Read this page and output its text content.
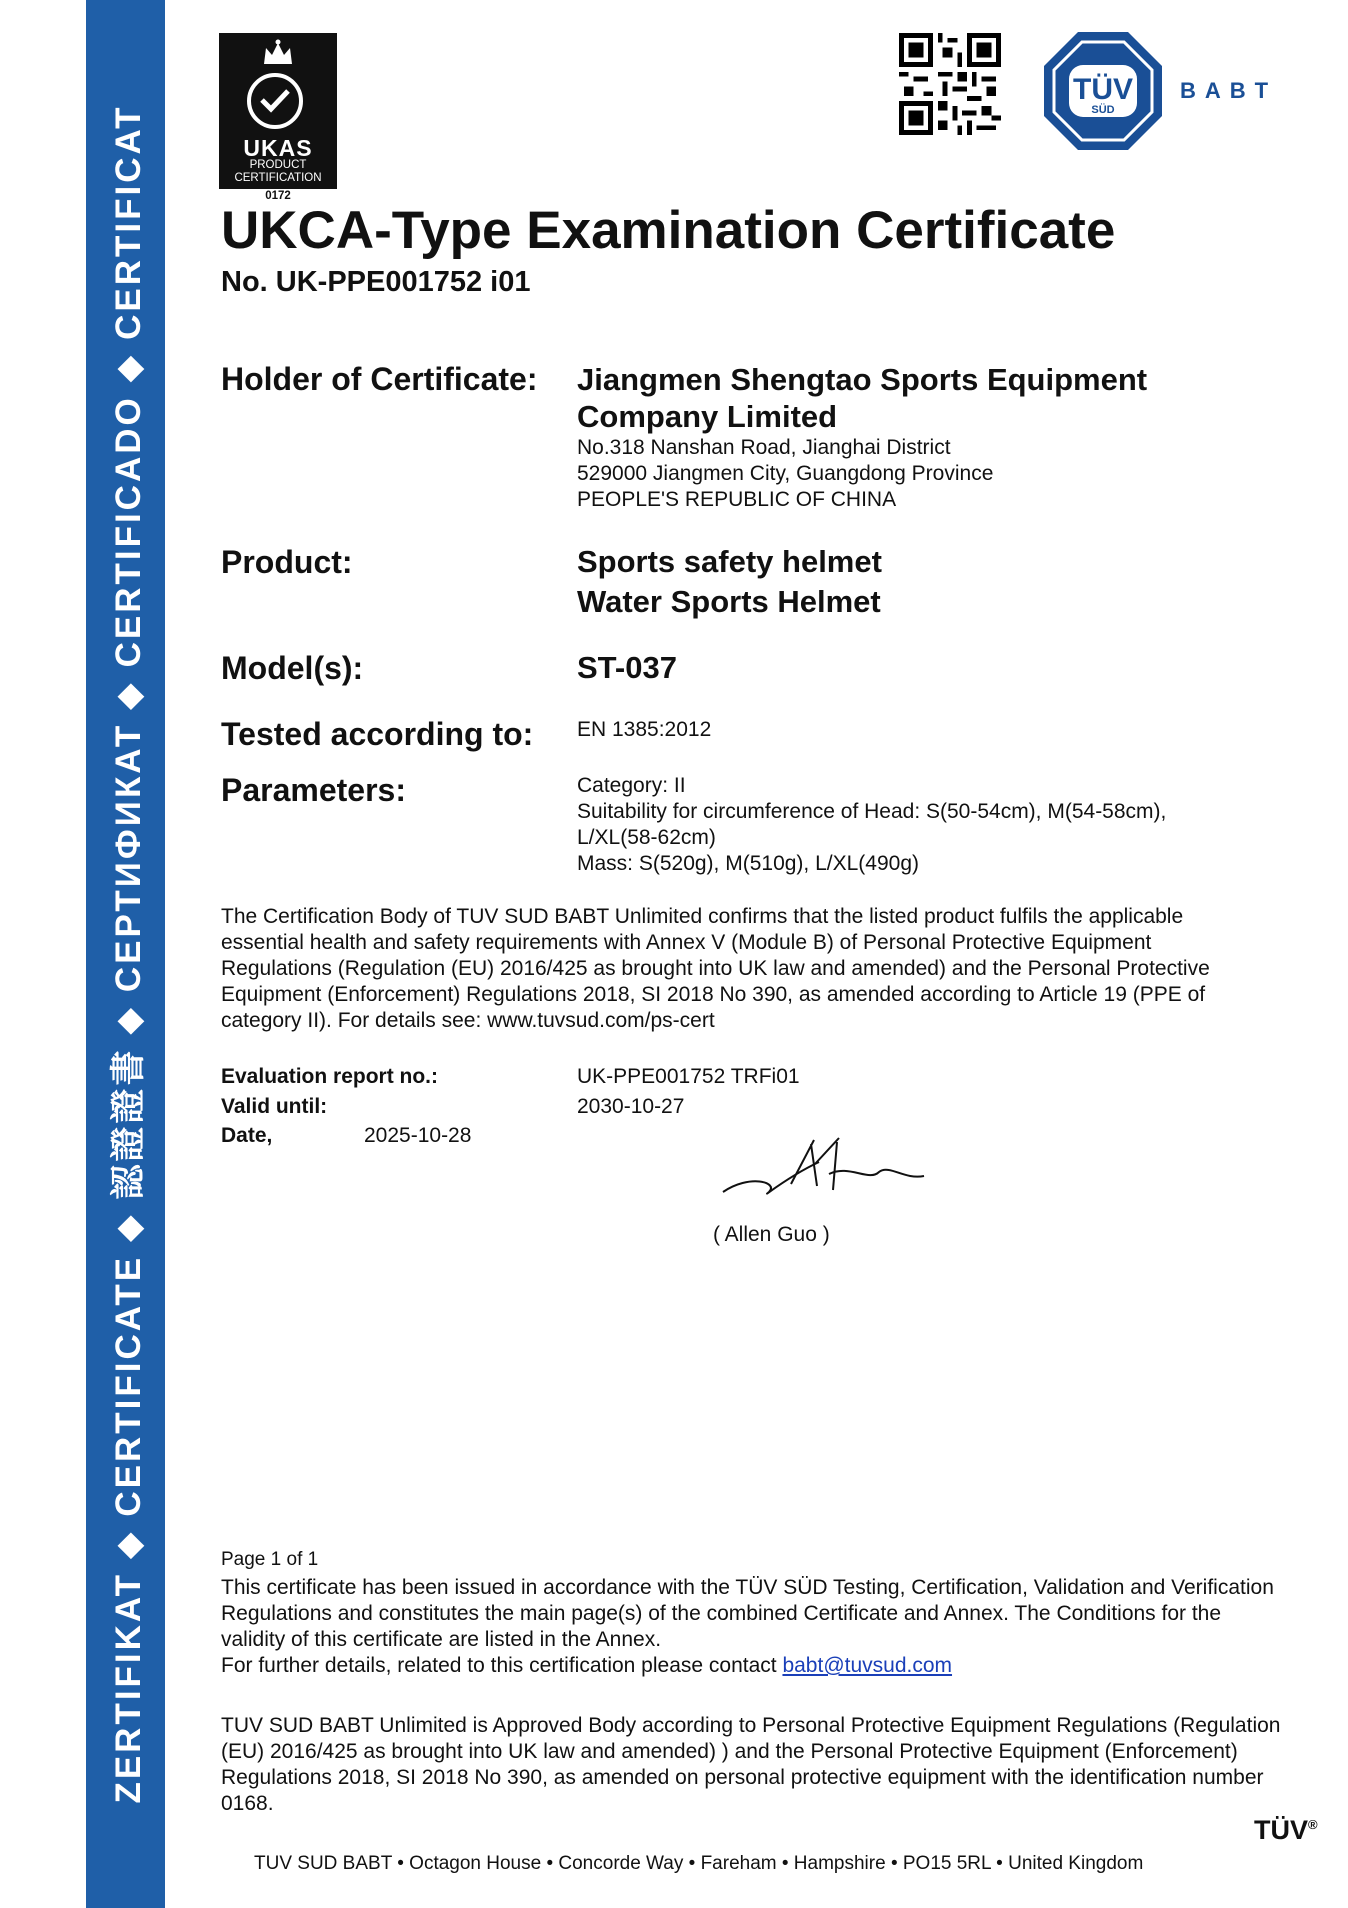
ZERTIFIKAT ◆ CERTIFICATE ◆ 認證證書 ◆ СЕРТИФИКАТ ◆ CERTIFICADO ◆ CERTIFICAT	UKAS
PRODUCT
CERTIFICATION
0172
TÜV
SÜD
BABT
UKCA-Type Examination Certificate
No. UK-PPE001752 i01
Holder of Certificate: Jiangmen Shengtao Sports Equipment
Company Limited
No.318 Nanshan Road, Jianghai District
529000 Jiangmen City, Guangdong Province
PEOPLE'S REPUBLIC OF CHINA
Product:	Sports safety helmet
Water Sports Helmet
Model(s):	ST-037
Tested according to: EN 1385:2012
Parameters:	Category: II
Suitability for circumference of Head: S(50-54cm), M(54-58cm),
L/XL(58-62cm)
Mass: S(520g), M(510g), L/XL(490g)
The Certification Body of TUV SUD BABT Unlimited confirms that the listed product fulfils the applicable essential health and safety requirements with Annex V (Module B) of Personal Protective Equipment Regulations (Regulation (EU) 2016/425 as brought into UK law and amended) and the Personal Protective Equipment (Enforcement) Regulations 2018, SI 2018 No 390, as amended according to Article 19 (PPE of category II). For details see: www.tuvsud.com/ps-cert
Evaluation report no.:	UK-PPE001752 TRFi01
Valid until:	2030-10-27
Date,	2025-10-28
( Allen Guo )
Page 1 of 1
This certificate has been issued in accordance with the TÜV SÜD Testing, Certification, Validation and Verification Regulations and constitutes the main page(s) of the combined Certificate and Annex. The Conditions for the validity of this certificate are listed in the Annex.
For further details, related to this certification please contact babt@tuvsud.com
TUV SUD BABT Unlimited is Approved Body according to Personal Protective Equipment Regulations (Regulation (EU) 2016/425 as brought into UK law and amended) ) and the Personal Protective Equipment (Enforcement) Regulations 2018, SI 2018 No 390, as amended on personal protective equipment with the identification number 0168.
TÜV®
TUV SUD BABT • Octagon House • Concorde Way • Fareham • Hampshire • PO15 5RL • United Kingdom
